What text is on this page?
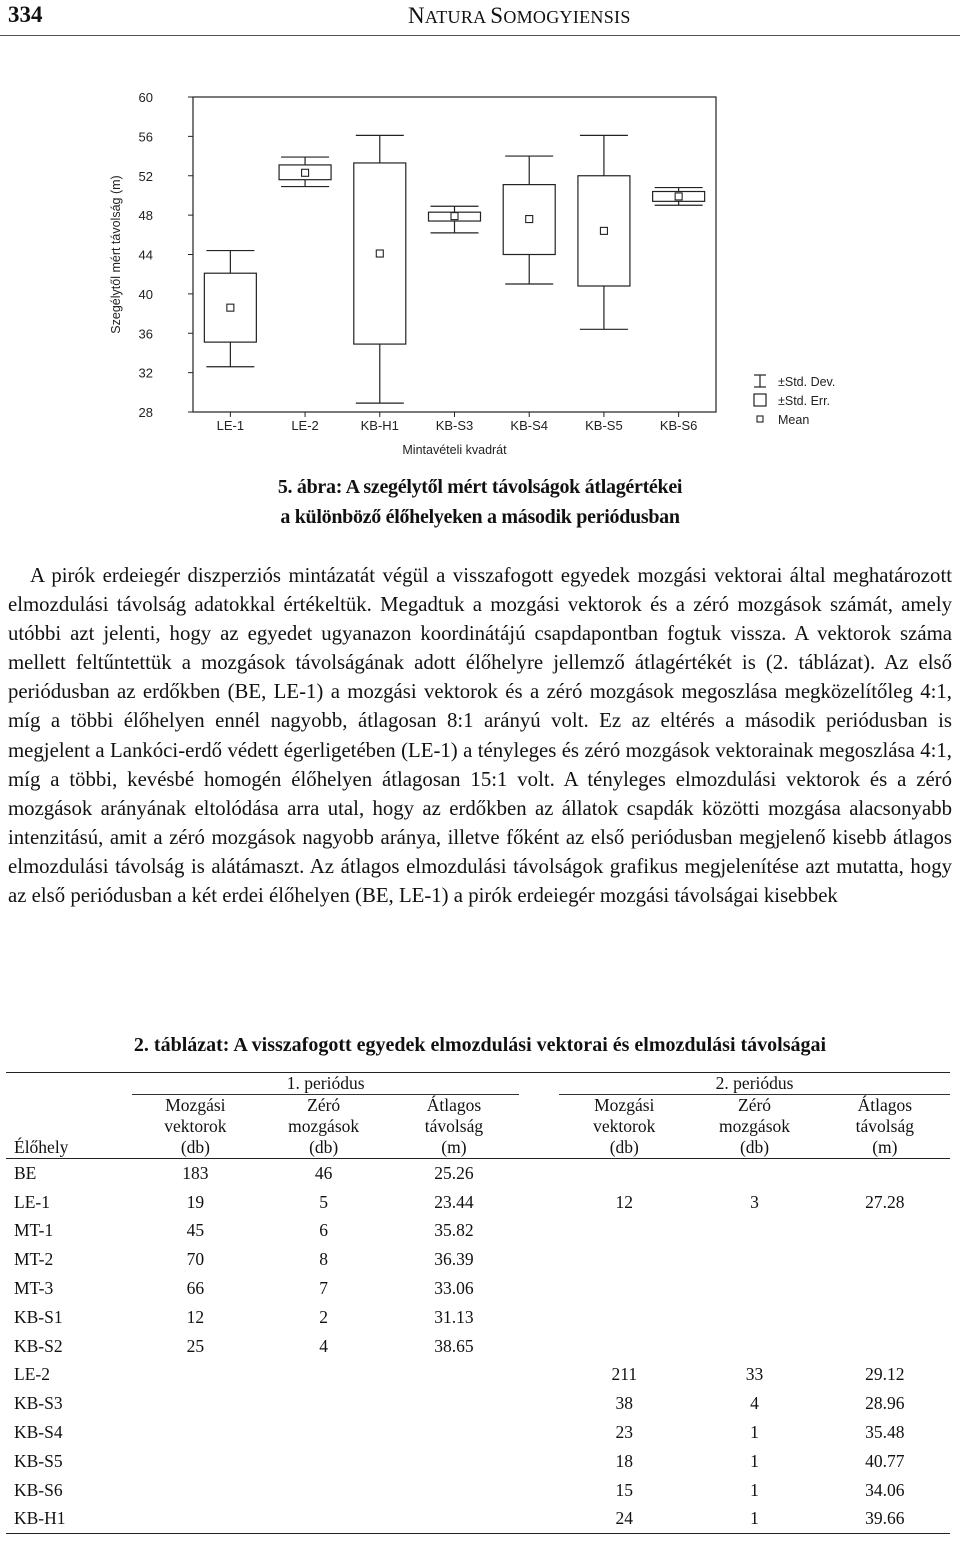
334	NATURA SOMOGYIENSIS
28
32
36
40
44
48
52
56
60
LE-1	LE-2	KB-H1	KB-S3	KB-S4	KB-S5	KB-S6
Szegélytől mért távolság (m)
Mintavételi kvadrát
±Std. Dev.
±Std. Err.
Mean
5. ábra: A szegélytől mért távolságok átlagértékei
a különböző élőhelyeken a második periódusban
A pirók erdeiegér diszperziós mintázatát végül a visszafogott egyedek mozgási vektorai által meghatározott elmozdulási távolság adatokkal értékeltük. Megadtuk a mozgási vektorok és a zéró mozgások számát, amely utóbbi azt jelenti, hogy az egyedet ugyanazon koordinátájú csapdapontban fogtuk vissza. A vektorok száma mellett feltűntettük a mozgások távolságának adott élőhelyre jellemző átlagértékét is (2. táblázat). Az első periódusban az erdőkben (BE, LE-1) a mozgási vektorok és a zéró mozgások megoszlása megközelítőleg 4:1, míg a többi élőhelyen ennél nagyobb, átlagosan 8:1 arányú volt. Ez az eltérés a második periódusban is megjelent a Lankóci-erdő védett égerligetében (LE-1) a tényleges és zéró mozgások vektorainak megoszlása 4:1, míg a többi, kevésbé homogén élőhelyen átlagosan 15:1 volt. A tényleges elmozdulási vektorok és a zéró mozgások arányának eltolódása arra utal, hogy az erdőkben az állatok csapdák közötti mozgása alacsonyabb intenzitású, amit a zéró mozgások nagyobb aránya, illetve főként az első periódusban megjelenő kisebb átlagos elmozdulási távolság is alátámaszt. Az átlagos elmozdulási távolságok grafikus megjelenítése azt mutatta, hogy az első periódusban a két erdei élőhelyen (BE, LE-1) a pirók erdeiegér mozgási távolságai kisebbek
2. táblázat: A visszafogott egyedek elmozdulási vektorai és elmozdulási távolságai
	1. periódus				2. periódus		
	Mozgási	Zéró	Átlagos		Mozgási	Zéró	Átlagos
	vektorok	mozgások	távolság		vektorok	mozgások	távolság
Élőhely	(db)	(db)	(m)		(db)	(db)	(m)
BE	183	46	25.26				
LE-1	19	5	23.44		12	3	27.28
MT-1	45	6	35.82				
MT-2	70	8	36.39				
MT-3	66	7	33.06				
KB-S1	12	2	31.13				
KB-S2	25	4	38.65				
LE-2					211	33	29.12
KB-S3					38	4	28.96
KB-S4					23	1	35.48
KB-S5					18	1	40.77
KB-S6					15	1	34.06
KB-H1					24	1	39.66
